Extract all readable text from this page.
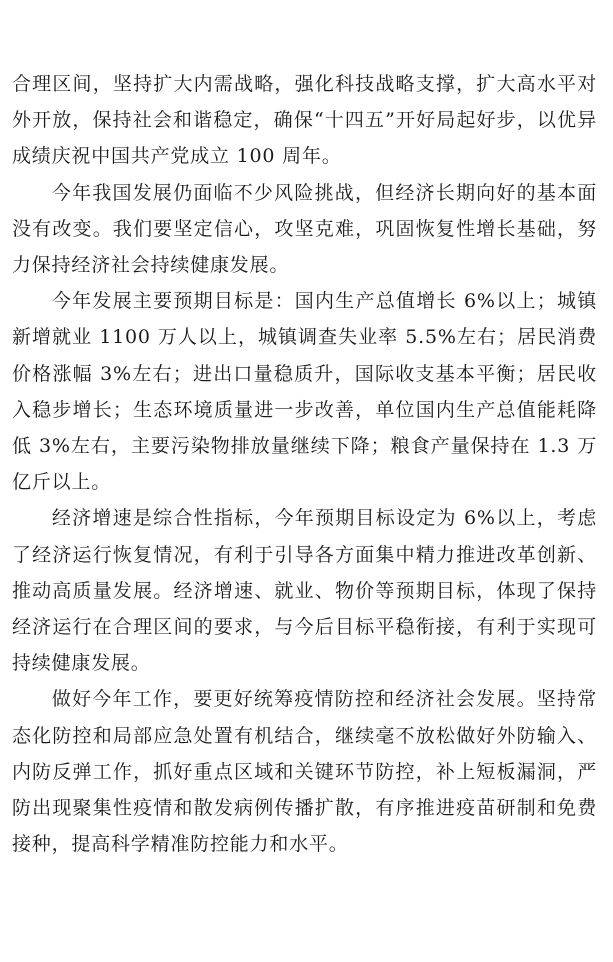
合理区间，坚持扩大内需战略，强化科技战略支撑，扩大高水平对外开放，保持社会和谐稳定，确保“十四五”开好局起好步，以优异成绩庆祝中国共产党成立 100 周年。

今年我国发展仍面临不少风险挑战，但经济长期向好的基本面没有改变。我们要坚定信心，攻坚克难，巩固恢复性增长基础，努力保持经济社会持续健康发展。

今年发展主要预期目标是：国内生产总值增长 6%以上；城镇新增就业 1100 万人以上，城镇调查失业率 5.5%左右；居民消费价格涨幅 3%左右；进出口量稳质升，国际收支基本平衡；居民收入稳步增长；生态环境质量进一步改善，单位国内生产总值能耗降低 3%左右，主要污染物排放量继续下降；粮食产量保持在 1.3 万亿斤以上。

经济增速是综合性指标，今年预期目标设定为 6%以上，考虑了经济运行恢复情况，有利于引导各方面集中精力推进改革创新、推动高质量发展。经济增速、就业、物价等预期目标，体现了保持经济运行在合理区间的要求，与今后目标平稳衔接，有利于实现可持续健康发展。

做好今年工作，要更好统筹疫情防控和经济社会发展。坚持常态化防控和局部应急处置有机结合，继续毫不放松做好外防输入、内防反弹工作，抓好重点区域和关键环节防控，补上短板漏洞，严防出现聚集性疫情和散发病例传播扩散，有序推进疫苗研制和免费接种，提高科学精准防控能力和水平。
